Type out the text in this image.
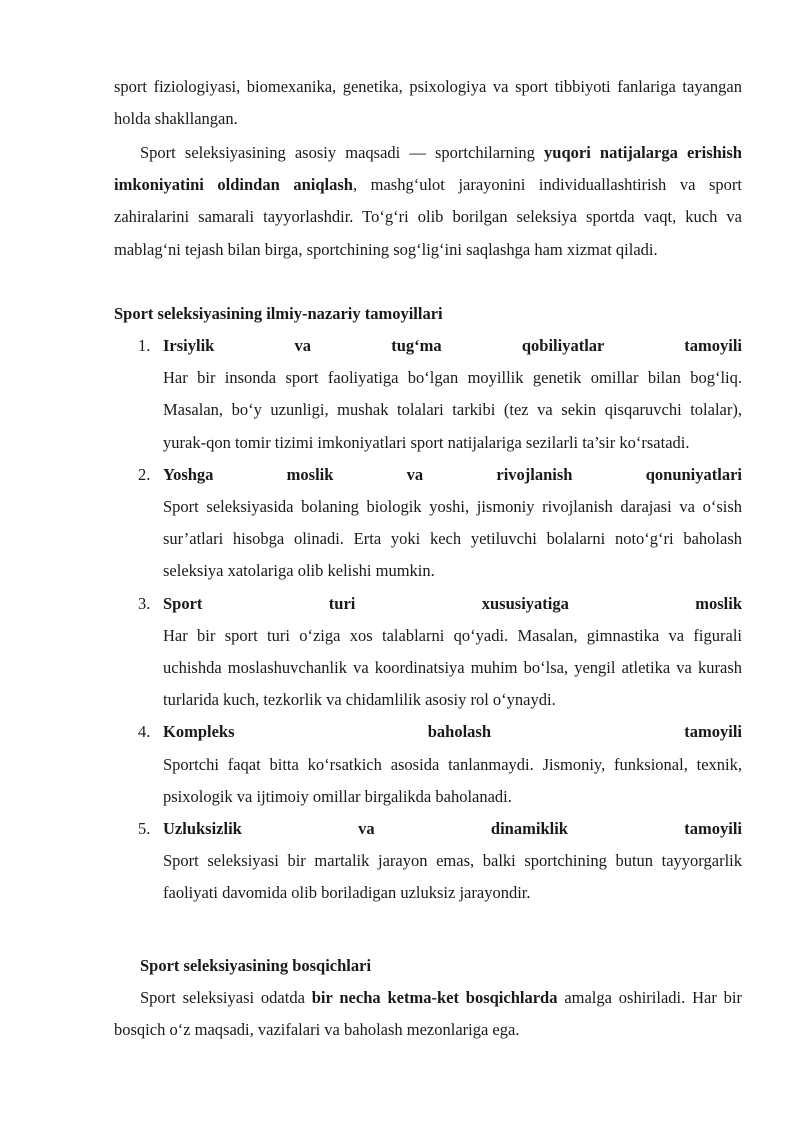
sport fiziologiyasi, biomexanika, genetika, psixologiya va sport tibbiyoti fanlariga tayangan holda shakllangan.
Sport seleksiyasining asosiy maqsadi — sportchilarning yuqori natijalarga erishish imkoniyatini oldindan aniqlash, mashg‘ulot jarayonini individuallashtirish va sport zahiralarini samarali tayyorlashdir. To‘g‘ri olib borilgan seleksiya sportda vaqt, kuch va mablag‘ni tejash bilan birga, sportchining sog‘lig‘ini saqlashga ham xizmat qiladi.
Sport seleksiyasining ilmiy-nazariy tamoyillari
1. Irsiylik va tug‘ma qobiliyatlar tamoyili
Har bir insonda sport faoliyatiga bo‘lgan moyillik genetik omillar bilan bog‘liq. Masalan, bo‘y uzunligi, mushak tolalari tarkibi (tez va sekin qisqaruvchi tolalar), yurak-qon tomir tizimi imkoniyatlari sport natijalariga sezilarli ta’sir ko‘rsatadi.
2. Yoshga moslik va rivojlanish qonuniyatlari
Sport seleksiyasida bolaning biologik yoshi, jismoniy rivojlanish darajasi va o‘sish sur’atlari hisobga olinadi. Erta yoki kech yetiluvchi bolalarni noto‘g‘ri baholash seleksiya xatolariga olib kelishi mumkin.
3. Sport turi xususiyatiga moslik
Har bir sport turi o‘ziga xos talablarni qo‘yadi. Masalan, gimnastika va figurali uchishda moslashuvchanlik va koordinatsiya muhim bo‘lsa, yengil atletika va kurash turlarida kuch, tezkorlik va chidamlilik asosiy rol o‘ynaydi.
4. Kompleks baholash tamoyili
Sportchi faqat bitta ko‘rsatkich asosida tanlanmaydi. Jismoniy, funksional, texnik, psixologik va ijtimoiy omillar birgalikda baholanadi.
5. Uzluksizlik va dinamiklik tamoyili
Sport seleksiyasi bir martalik jarayon emas, balki sportchining butun tayyorgarlik faoliyati davomida olib boriladigan uzluksiz jarayondir.
Sport seleksiyasining bosqichlari
Sport seleksiyasi odatda bir necha ketma-ket bosqichlarda amalga oshiriladi. Har bir bosqich o‘z maqsadi, vazifalari va baholash mezonlariga ega.
